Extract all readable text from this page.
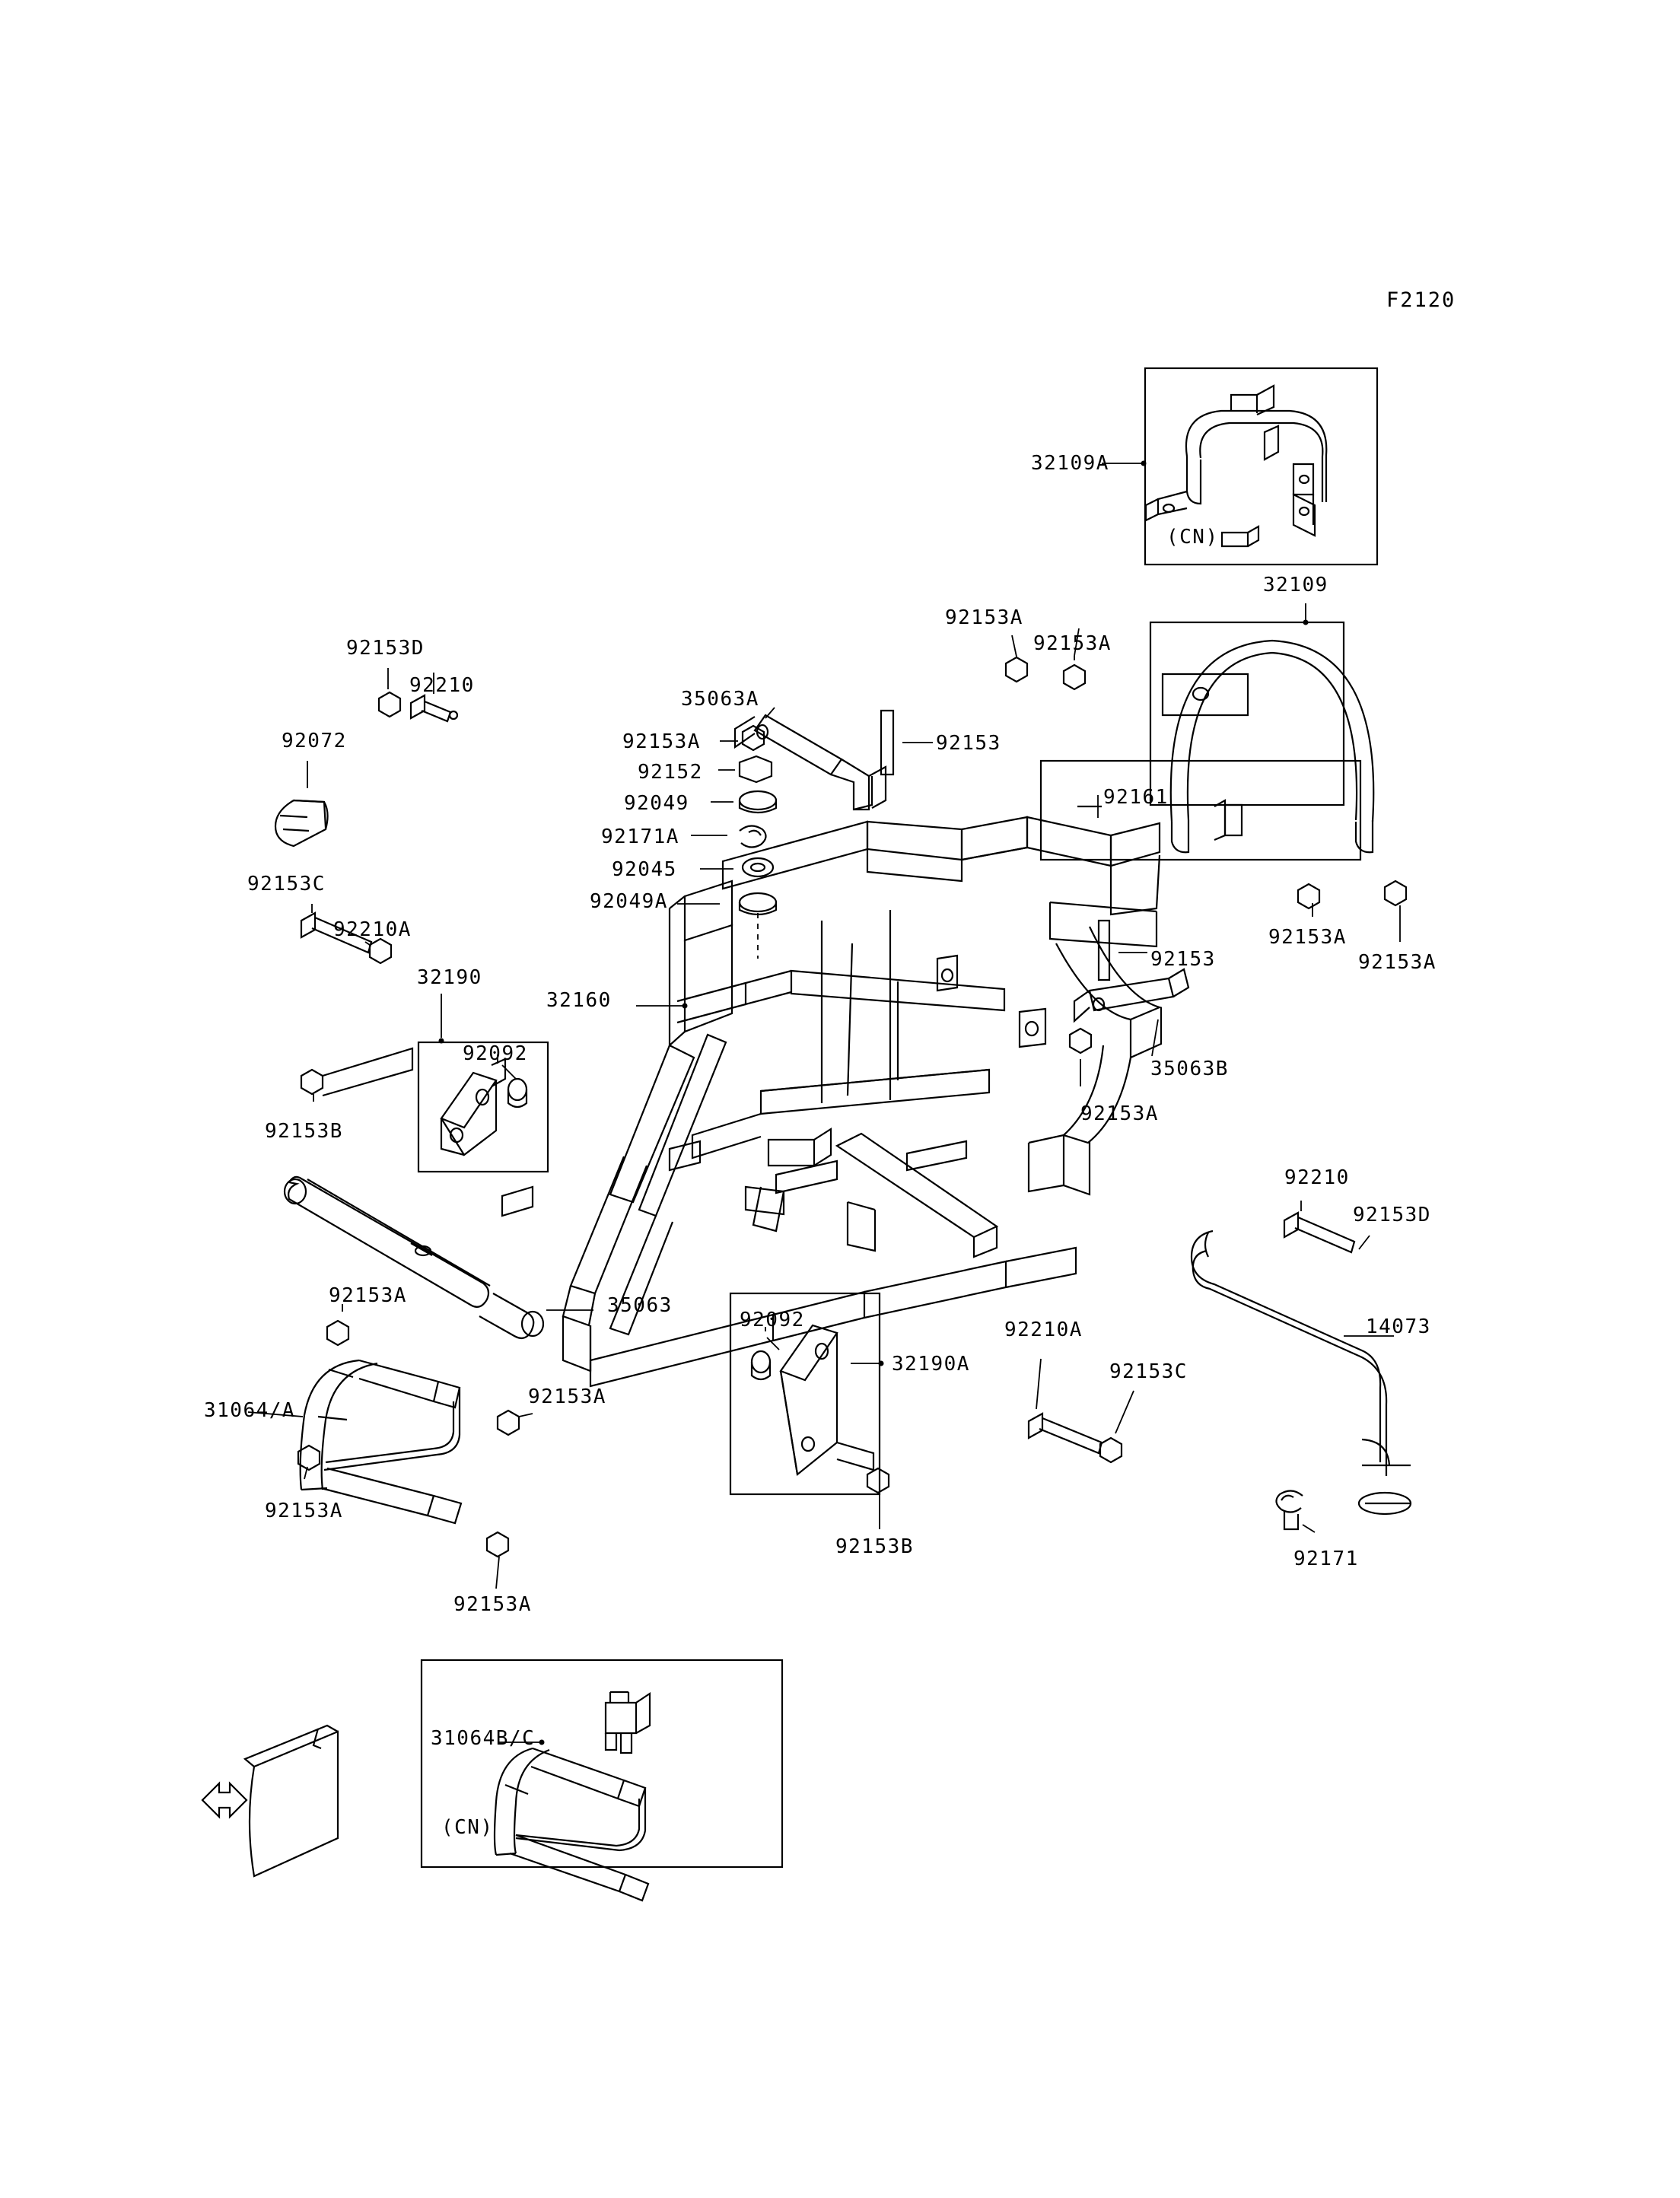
F2120
32109A
(CN)
32109
92153A
92153A
92161
92153A
92153A
92153D
92210
92072
35063A
92153A	92153
92152
92049
92171A
92045
92049A
92153C
92210A
32190
92092
32160
92153
35063B
92153A
92153B
92210
92153D
14073
92153A	35063
92092
32190A
92210A
92153C
31064/A
92153A
92153A
92153B
92171
92153A
31064B/C
(CN)
